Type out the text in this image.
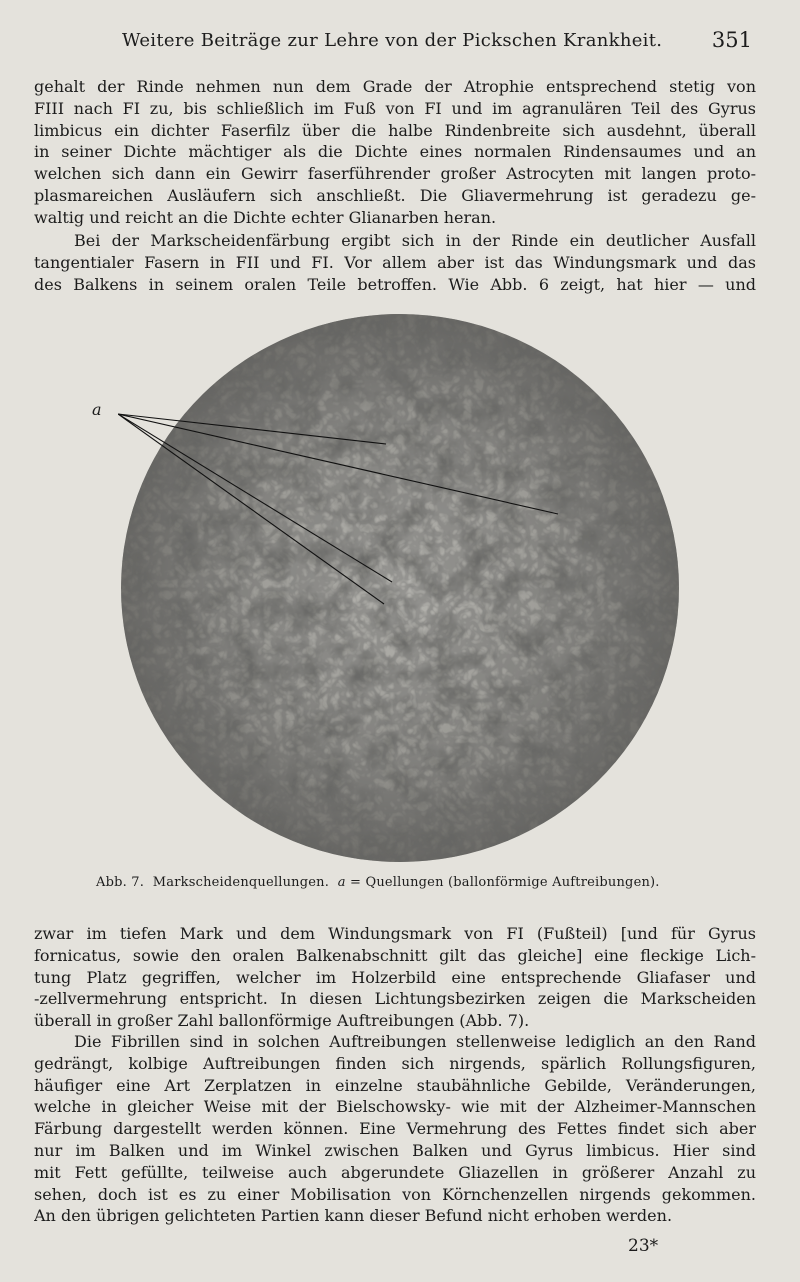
Weitere Beiträge zur Lehre von der Pickschen Krankheit. 351
gehalt der Rinde nehmen nun dem Grade der Atrophie entsprechend stetig von
FIII nach FI zu, bis schließlich im Fuß von FI und im agranulären Teil des Gyrus
limbicus ein dichter Faserfilz über die halbe Rindenbreite sich ausdehnt, überall
in seiner Dichte mächtiger als die Dichte eines normalen Rindensaumes und an
welchen sich dann ein Gewirr faserführender großer Astrocyten mit langen proto-
plasmareichen Ausläufern sich anschließt. Die Gliavermehrung ist geradezu ge-
waltig und reicht an die Dichte echter Glianarben heran.
Bei der Markscheidenfärbung ergibt sich in der Rinde ein deutlicher Ausfall
tangentialer Fasern in FII und FI. Vor allem aber ist das Windungsmark und das
des Balkens in seinem oralen Teile betroffen. Wie Abb. 6 zeigt, hat hier — und
a
Abb. 7. Markscheidenquellungen. a = Quellungen (ballonförmige Auftreibungen).
zwar im tiefen Mark und dem Windungsmark von FI (Fußteil) [und für Gyrus
fornicatus, sowie den oralen Balkenabschnitt gilt das gleiche] eine fleckige Lich-
tung Platz gegriffen, welcher im Holzerbild eine entsprechende Gliafaser und
-zellvermehrung entspricht. In diesen Lichtungsbezirken zeigen die Markscheiden
überall in großer Zahl ballonförmige Auftreibungen (Abb. 7).
Die Fibrillen sind in solchen Auftreibungen stellenweise lediglich an den Rand
gedrängt, kolbige Auftreibungen finden sich nirgends, spärlich Rollungsfiguren,
häufiger eine Art Zerplatzen in einzelne staubähnliche Gebilde, Veränderungen,
welche in gleicher Weise mit der Bielschowsky- wie mit der Alzheimer-Mannschen
Färbung dargestellt werden können. Eine Vermehrung des Fettes findet sich aber
nur im Balken und im Winkel zwischen Balken und Gyrus limbicus. Hier sind
mit Fett gefüllte, teilweise auch abgerundete Gliazellen in größerer Anzahl zu
sehen, doch ist es zu einer Mobilisation von Körnchenzellen nirgends gekommen.
An den übrigen gelichteten Partien kann dieser Befund nicht erhoben werden.
23*
